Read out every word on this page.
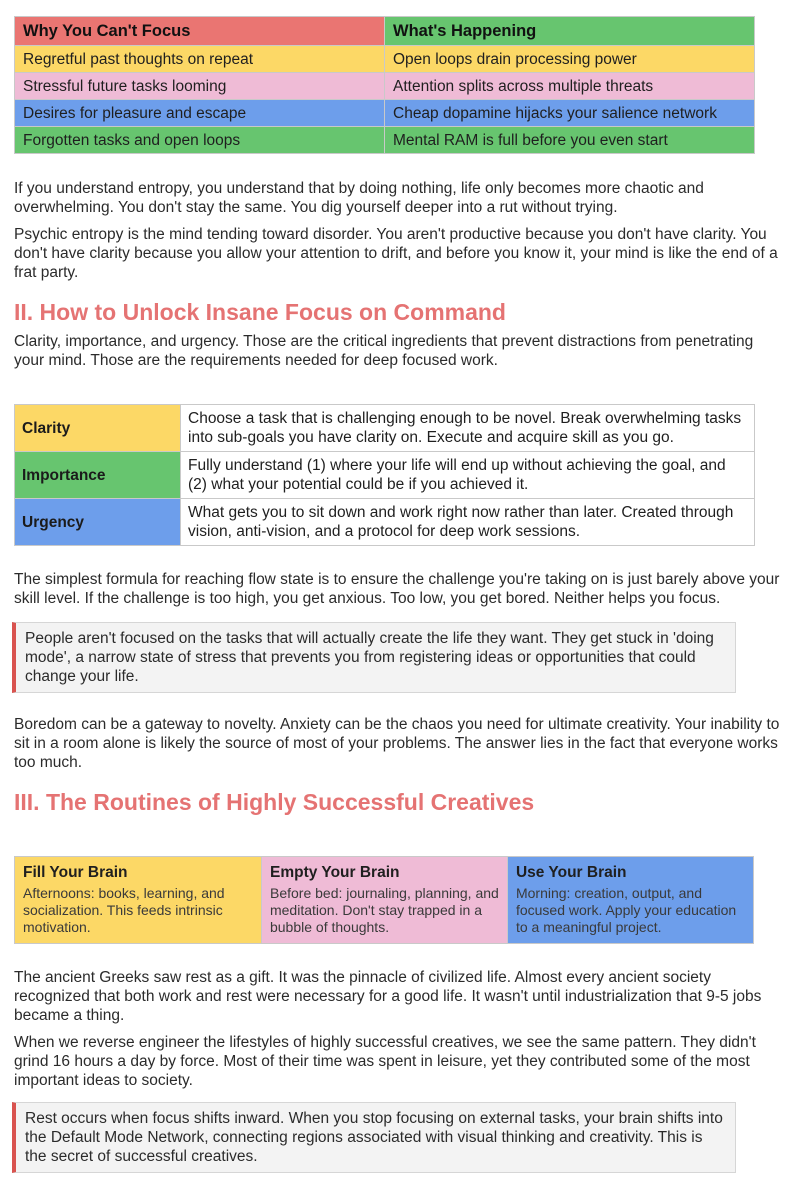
Why You Can't Focus	What's Happening
Regretful past thoughts on repeat	Open loops drain processing power
Stressful future tasks looming	Attention splits across multiple threats
Desires for pleasure and escape	Cheap dopamine hijacks your salience network
Forgotten tasks and open loops	Mental RAM is full before you even start

If you understand entropy, you understand that by doing nothing, life only becomes more chaotic and overwhelming. You don't stay the same. You dig yourself deeper into a rut without trying.

Psychic entropy is the mind tending toward disorder. You aren't productive because you don't have clarity. You don't have clarity because you allow your attention to drift, and before you know it, your mind is like the end of a frat party.

II. How to Unlock Insane Focus on Command

Clarity, importance, and urgency. Those are the critical ingredients that prevent distractions from penetrating your mind. Those are the requirements needed for deep focused work.

Clarity	Choose a task that is challenging enough to be novel. Break overwhelming tasks into sub-goals you have clarity on. Execute and acquire skill as you go.
Importance	Fully understand (1) where your life will end up without achieving the goal, and (2) what your potential could be if you achieved it.
Urgency	What gets you to sit down and work right now rather than later. Created through vision, anti-vision, and a protocol for deep work sessions.

The simplest formula for reaching flow state is to ensure the challenge you're taking on is just barely above your skill level. If the challenge is too high, you get anxious. Too low, you get bored. Neither helps you focus.

People aren't focused on the tasks that will actually create the life they want. They get stuck in 'doing mode', a narrow state of stress that prevents you from registering ideas or opportunities that could change your life.

Boredom can be a gateway to novelty. Anxiety can be the chaos you need for ultimate creativity. Your inability to sit in a room alone is likely the source of most of your problems. The answer lies in the fact that everyone works too much.

III. The Routines of Highly Successful Creatives
Fill Your Brain
Afternoons: books, learning, and socialization. This feeds intrinsic motivation.
Empty Your Brain
Before bed: journaling, planning, and meditation. Don't stay trapped in a bubble of thoughts.
Use Your Brain
Morning: creation, output, and focused work. Apply your education to a meaningful project.

The ancient Greeks saw rest as a gift. It was the pinnacle of civilized life. Almost every ancient society recognized that both work and rest were necessary for a good life. It wasn't until industrialization that 9-5 jobs became a thing.

When we reverse engineer the lifestyles of highly successful creatives, we see the same pattern. They didn't grind 16 hours a day by force. Most of their time was spent in leisure, yet they contributed some of the most important ideas to society.

Rest occurs when focus shifts inward. When you stop focusing on external tasks, your brain shifts into the Default Mode Network, connecting regions associated with visual thinking and creativity. This is the secret of successful creatives.
